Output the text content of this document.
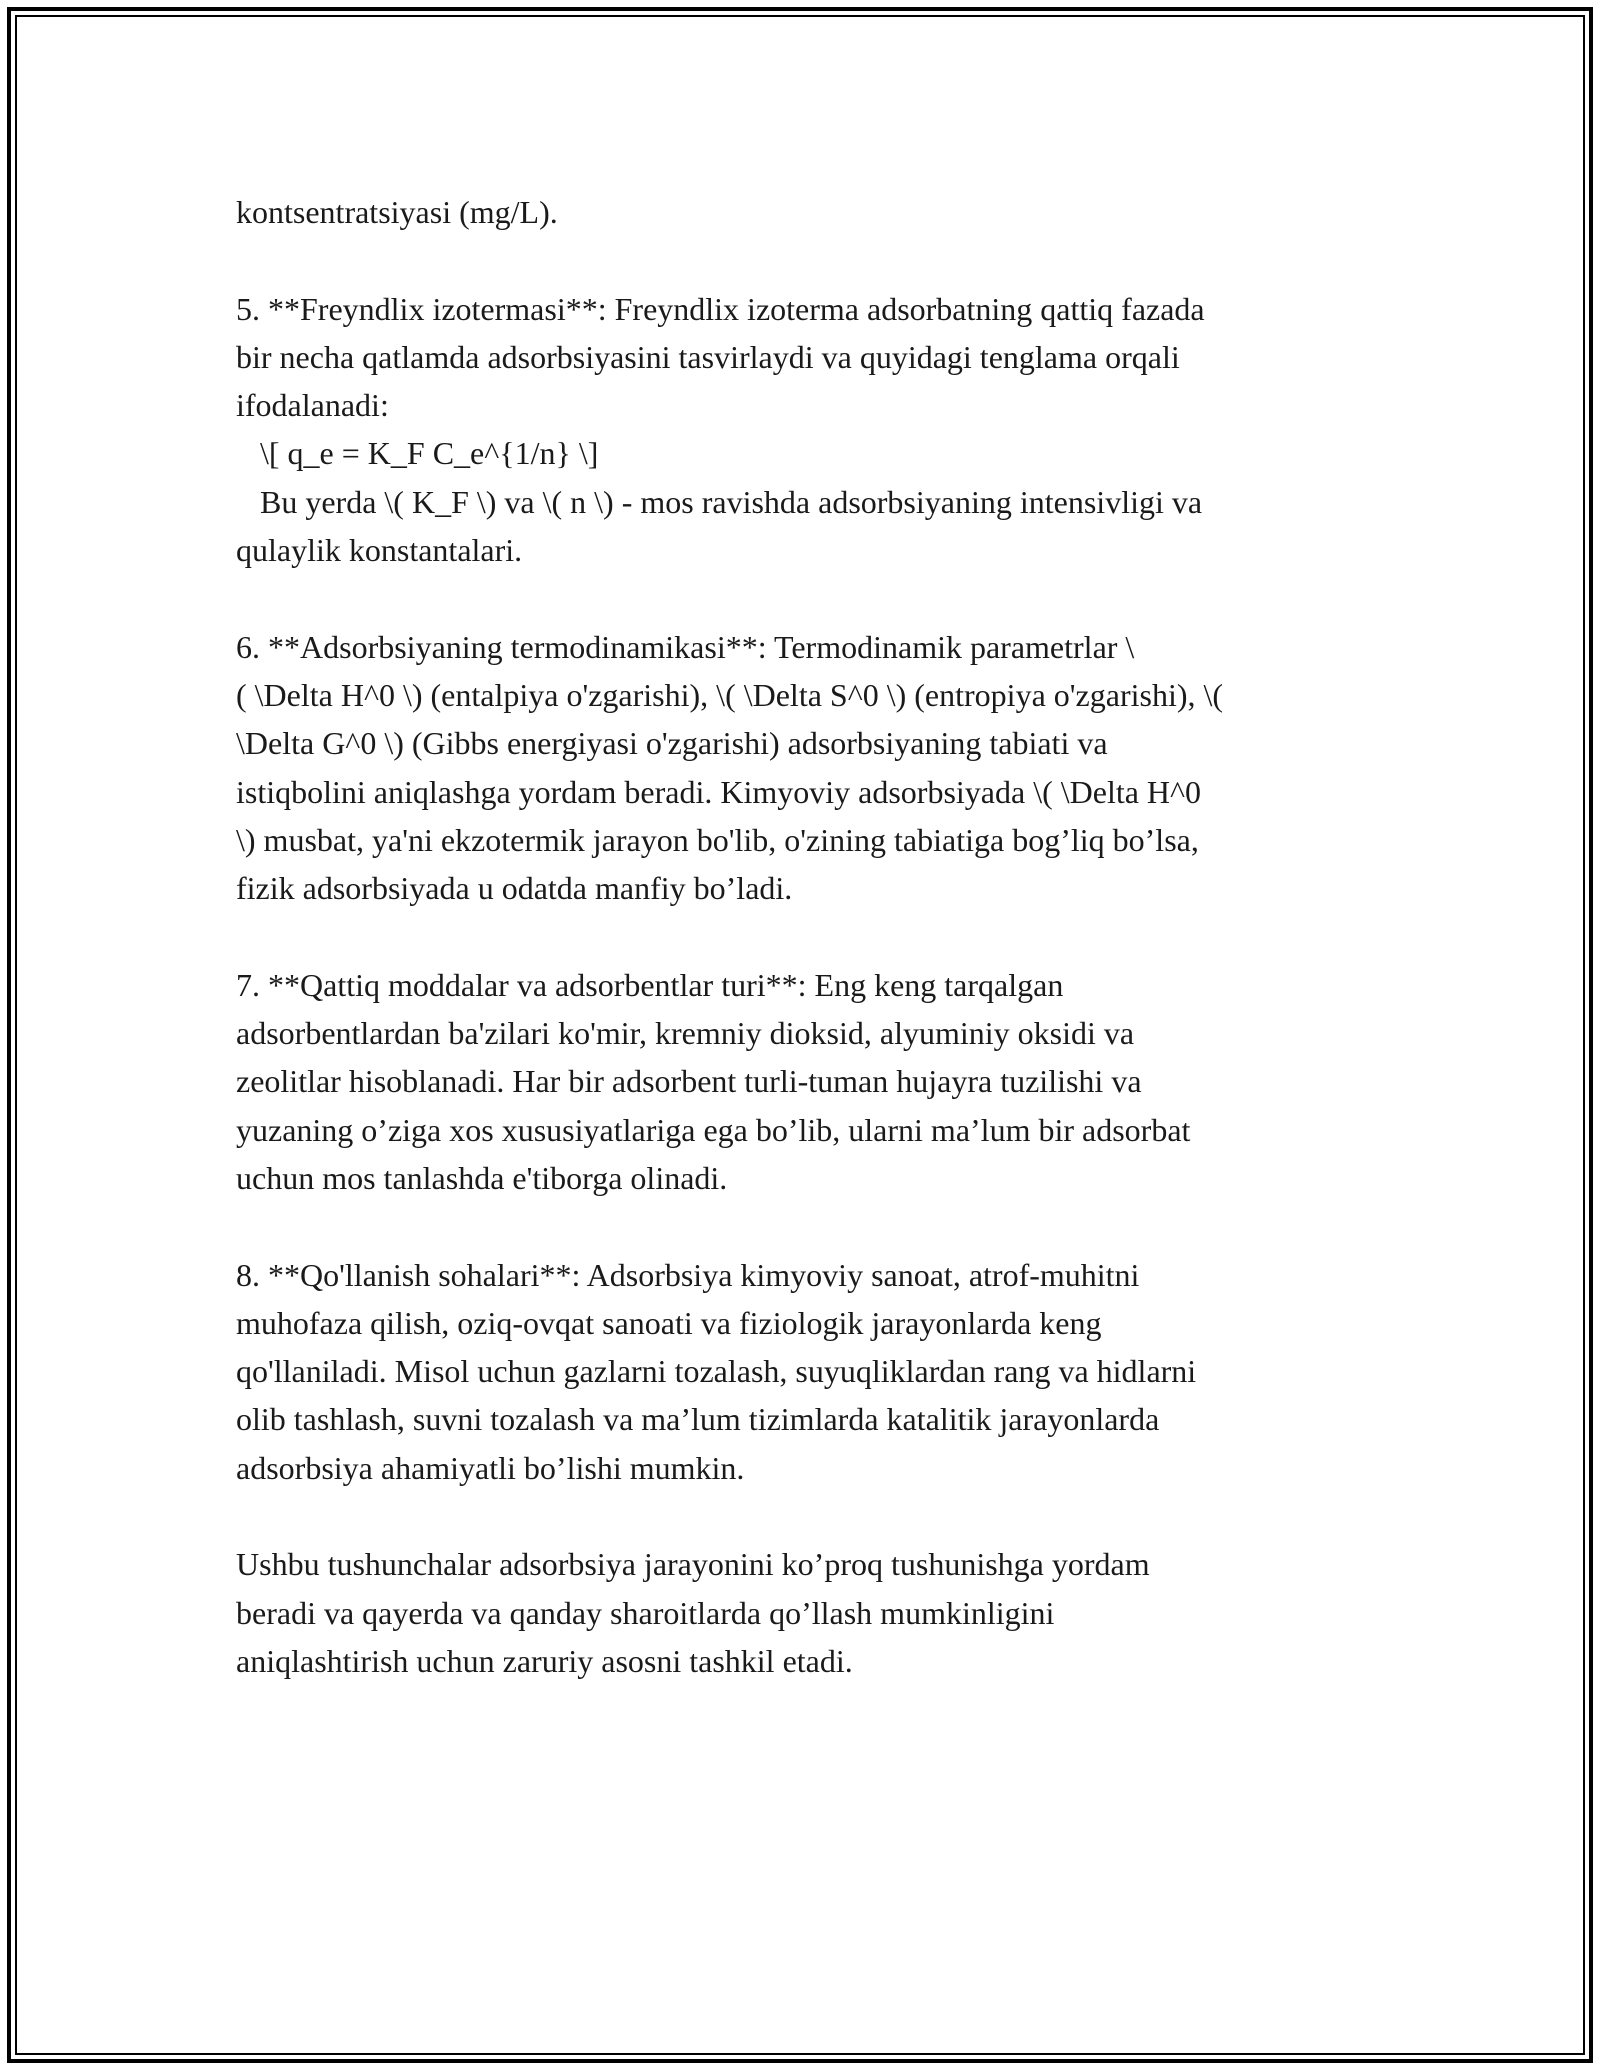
kontsentratsiyasi (mg/L).
5. **Freyndlix izotermasi**: Freyndlix izoterma adsorbatning qattiq fazada
bir necha qatlamda adsorbsiyasini tasvirlaydi va quyidagi tenglama orqali
ifodalanadi:
\[ q_e = K_F C_e^{1/n} \]
Bu yerda \( K_F \) va \( n \) - mos ravishda adsorbsiyaning intensivligi va
qulaylik konstantalari.
6. **Adsorbsiyaning termodinamikasi**: Termodinamik parametrlar \
( \Delta H^0 \) (entalpiya o'zgarishi), \( \Delta S^0 \) (entropiya o'zgarishi), \(
\Delta G^0 \) (Gibbs energiyasi o'zgarishi) adsorbsiyaning tabiati va
istiqbolini aniqlashga yordam beradi. Kimyoviy adsorbsiyada \( \Delta H^0
\) musbat, ya'ni ekzotermik jarayon bo'lib, o'zining tabiatiga bog’liq bo’lsa,
fizik adsorbsiyada u odatda manfiy bo’ladi.
7. **Qattiq moddalar va adsorbentlar turi**: Eng keng tarqalgan
adsorbentlardan ba'zilari ko'mir, kremniy dioksid, alyuminiy oksidi va
zeolitlar hisoblanadi. Har bir adsorbent turli-tuman hujayra tuzilishi va
yuzaning o’ziga xos xususiyatlariga ega bo’lib, ularni ma’lum bir adsorbat
uchun mos tanlashda e'tiborga olinadi.
8. **Qo'llanish sohalari**: Adsorbsiya kimyoviy sanoat, atrof-muhitni
muhofaza qilish, oziq-ovqat sanoati va fiziologik jarayonlarda keng
qo'llaniladi. Misol uchun gazlarni tozalash, suyuqliklardan rang va hidlarni
olib tashlash, suvni tozalash va ma’lum tizimlarda katalitik jarayonlarda
adsorbsiya ahamiyatli bo’lishi mumkin.
Ushbu tushunchalar adsorbsiya jarayonini ko’proq tushunishga yordam
beradi va qayerda va qanday sharoitlarda qo’llash mumkinligini
aniqlashtirish uchun zaruriy asosni tashkil etadi.
